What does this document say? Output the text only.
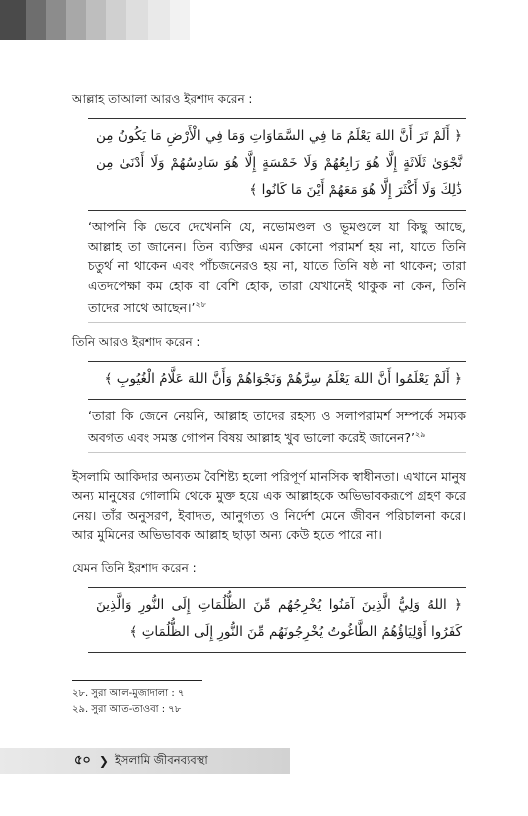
আল্লাহ তাআলা আরও ইরশাদ করেন :

﴿ أَلَمْ تَرَ أَنَّ اللهَ يَعْلَمُ مَا فِي السَّمَاوَاتِ وَمَا فِي الْأَرْضِ مَا يَكُونُ مِن نَّجْوَىٰ ثَلَاثَةٍ إِلَّا هُوَ رَابِعُهُمْ وَلَا خَمْسَةٍ إِلَّا هُوَ سَادِسُهُمْ وَلَا أَدْنَىٰ مِن ذَٰلِكَ وَلَا أَكْثَرَ إِلَّا هُوَ مَعَهُمْ أَيْنَ مَا كَانُوا ﴾
‘আপনি কি ভেবে দেখেননি যে, নভোমণ্ডল ও ভূমণ্ডলে যা কিছু আছে, আল্লাহ তা জানেন। তিন ব্যক্তির এমন কোনো পরামর্শ হয় না, যাতে তিনি চতুর্থ না থাকেন এবং পাঁচজনেরও হয় না, যাতে তিনি ষষ্ঠ না থাকেন; তারা এতদপেক্ষা কম হোক বা বেশি হোক, তারা যেখানেই থাকুক না কেন, তিনি তাদের সাথে আছেন।’$^{২৮}$

তিনি আরও ইরশাদ করেন :

﴿ أَلَمْ يَعْلَمُوا أَنَّ اللهَ يَعْلَمُ سِرَّهُمْ وَنَجْوَاهُمْ وَأَنَّ اللهَ عَلَّامُ الْغُيُوبِ ﴾
‘তারা কি জেনে নেয়নি, আল্লাহ তাদের রহস্য ও সলাপরামর্শ সম্পর্কে সম্যক অবগত এবং সমস্ত গোপন বিষয় আল্লাহ খুব ভালো করেই জানেন?’$^{২৯}$

ইসলামি আকিদার অন্যতম বৈশিষ্ট্য হলো পরিপূর্ণ মানসিক স্বাধীনতা। এখানে মানুষ অন্য মানুষের গোলামি থেকে মুক্ত হয়ে এক আল্লাহকে অভিভাবকরূপে গ্রহণ করে নেয়। তাঁর অনুসরণ, ইবাদত, আনুগত্য ও নির্দেশ মেনে জীবন পরিচালনা করে। আর মুমিনের অভিভাবক আল্লাহ ছাড়া অন্য কেউ হতে পারে না।

যেমন তিনি ইরশাদ করেন :

﴿ اللهُ وَلِيُّ الَّذِينَ آمَنُوا يُخْرِجُهُم مِّنَ الظُّلُمَاتِ إِلَى النُّورِ وَالَّذِينَ كَفَرُوا أَوْلِيَاؤُهُمُ الطَّاغُوتُ يُخْرِجُونَهُم مِّنَ النُّورِ إِلَى الظُّلُمَاتِ ﴾
২৮. সুরা আল-মুজাদালা : ৭
২৯. সুরা আত-তাওবা : ৭৮
৫০ ❯ ইসলামি জীবনব্যবস্থা
